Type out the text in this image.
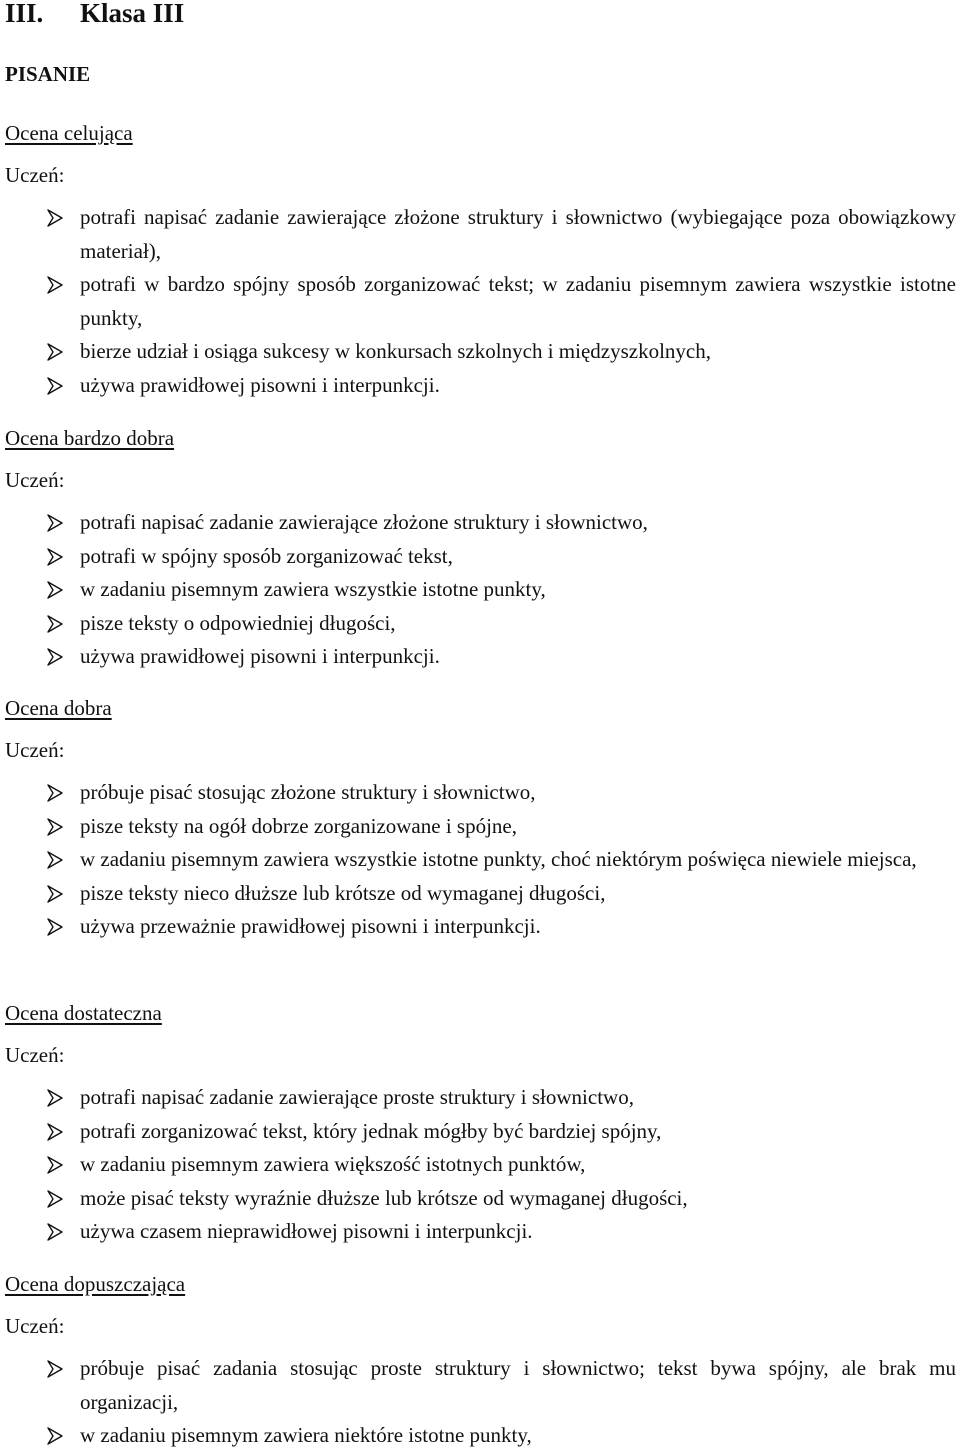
III. Klasa III
PISANIE
Ocena celująca
Uczeń:
potrafi napisać zadanie zawierające złożone struktury i słownictwo (wybiegające poza obowiązkowy materiał),
potrafi w bardzo spójny sposób zorganizować tekst; w zadaniu pisemnym zawiera wszystkie istotne punkty,
bierze udział i osiąga sukcesy w konkursach szkolnych i międzyszkolnych,
używa prawidłowej pisowni i interpunkcji.
Ocena bardzo dobra
Uczeń:
potrafi napisać zadanie zawierające złożone struktury i słownictwo,
potrafi w spójny sposób zorganizować tekst,
w zadaniu pisemnym zawiera wszystkie istotne punkty,
pisze teksty o odpowiedniej długości,
używa prawidłowej pisowni i interpunkcji.
Ocena dobra
Uczeń:
próbuje pisać stosując złożone struktury i słownictwo,
pisze teksty na ogół dobrze zorganizowane i spójne,
w zadaniu pisemnym zawiera wszystkie istotne punkty, choć niektórym poświęca niewiele miejsca,
pisze teksty nieco dłuższe lub krótsze od wymaganej długości,
używa przeważnie prawidłowej pisowni i interpunkcji.
Ocena dostateczna
Uczeń:
potrafi napisać zadanie zawierające proste struktury i słownictwo,
potrafi zorganizować tekst, który jednak mógłby być bardziej spójny,
w zadaniu pisemnym zawiera większość istotnych punktów,
może pisać teksty wyraźnie dłuższe lub krótsze od wymaganej długości,
używa czasem nieprawidłowej pisowni i interpunkcji.
Ocena dopuszczająca
Uczeń:
próbuje pisać zadania stosując proste struktury i słownictwo; tekst bywa spójny, ale brak mu organizacji,
w zadaniu pisemnym zawiera niektóre istotne punkty,
